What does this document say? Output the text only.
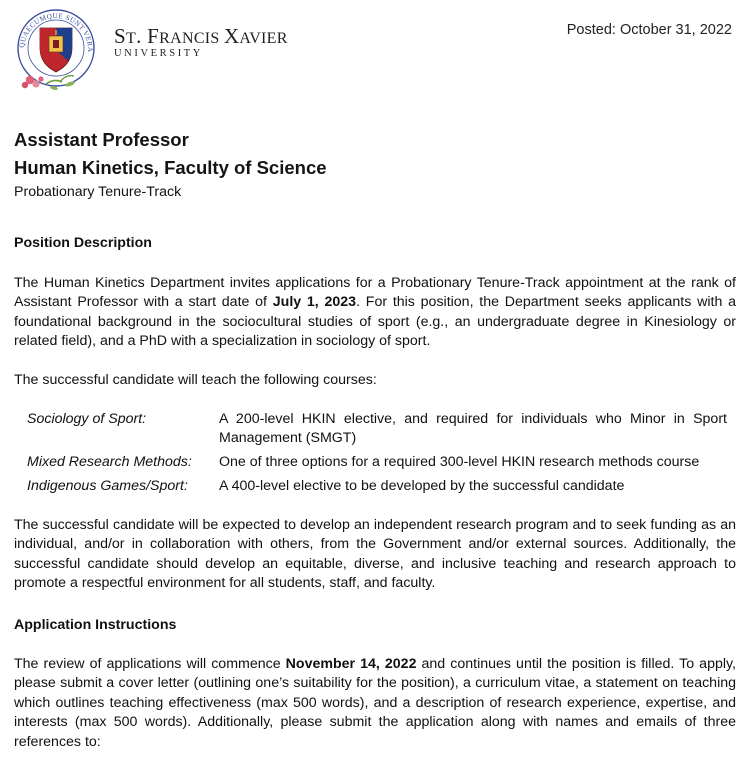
QUAECUMQUE SUNT VERA
ST. FRANCIS XAVIER
UNIVERSITY
Posted: October 31, 2022
Assistant Professor
Human Kinetics, Faculty of Science
Probationary Tenure-Track
Position Description
The Human Kinetics Department invites applications for a Probationary Tenure-Track appointment at the rank of Assistant Professor with a start date of July 1, 2023. For this position, the Department seeks applicants with a foundational background in the sociocultural studies of sport (e.g., an undergraduate degree in Kinesiology or related field), and a PhD with a specialization in sociology of sport.
The successful candidate will teach the following courses:
Sociology of Sport:	A 200-level HKIN elective, and required for individuals who Minor in Sport Management (SMGT)
Mixed Research Methods: One of three options for a required 300-level HKIN research methods course
Indigenous Games/Sport: A 400-level elective to be developed by the successful candidate
The successful candidate will be expected to develop an independent research program and to seek funding as an individual, and/or in collaboration with others, from the Government and/or external sources. Additionally, the successful candidate should develop an equitable, diverse, and inclusive teaching and research approach to promote a respectful environment for all students, staff, and faculty.
Application Instructions
The review of applications will commence November 14, 2022 and continues until the position is filled. To apply, please submit a cover letter (outlining one’s suitability for the position), a curriculum vitae, a statement on teaching which outlines teaching effectiveness (max 500 words), and a description of research experience, expertise, and interests (max 500 words). Additionally, please submit the application along with names and emails of three references to:
